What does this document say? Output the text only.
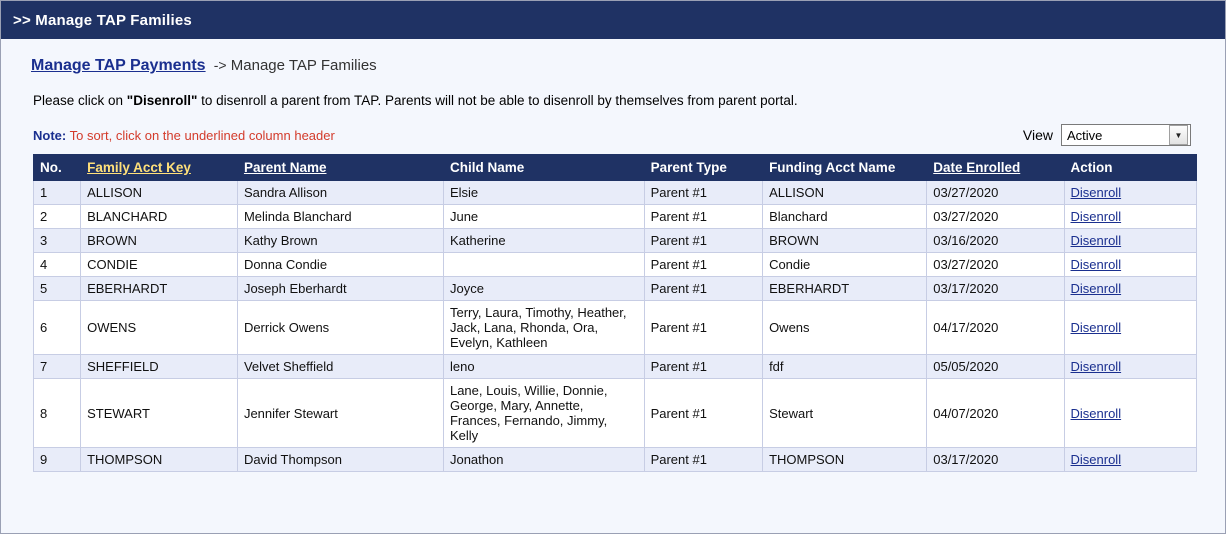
>> Manage TAP Families
Manage TAP Payments -> Manage TAP Families
Please click on "Disenroll" to disenroll a parent from TAP. Parents will not be able to disenroll by themselves from parent portal.
Note: To sort, click on the underlined column header	View Active	▼
No.	Family Acct Key	Parent Name	Child Name	Parent Type	Funding Acct Name	Date Enrolled	Action
1	ALLISON	Sandra Allison	Elsie	Parent #1	ALLISON	03/27/2020	Disenroll
2	BLANCHARD	Melinda Blanchard	June	Parent #1	Blanchard	03/27/2020	Disenroll
3	BROWN	Kathy Brown	Katherine	Parent #1	BROWN	03/16/2020	Disenroll
4	CONDIE	Donna Condie		Parent #1	Condie	03/27/2020	Disenroll
5	EBERHARDT	Joseph Eberhardt	Joyce	Parent #1	EBERHARDT	03/17/2020	Disenroll
6	OWENS	Derrick Owens	Terry, Laura, Timothy, Heather, Jack, Lana, Rhonda, Ora, Evelyn, Kathleen	Parent #1	Owens	04/17/2020	Disenroll
7	SHEFFIELD	Velvet Sheffield	leno	Parent #1	fdf	05/05/2020	Disenroll
8	STEWART	Jennifer Stewart	Lane, Louis, Willie, Donnie, George, Mary, Annette, Frances, Fernando, Jimmy, Kelly	Parent #1	Stewart	04/07/2020	Disenroll
9	THOMPSON	David Thompson	Jonathon	Parent #1	THOMPSON	03/17/2020	Disenroll
